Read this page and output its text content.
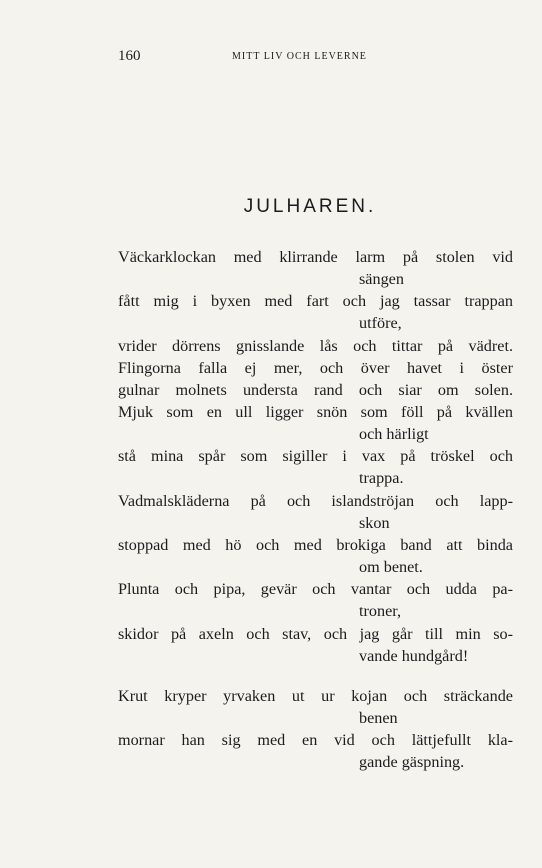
160	MITT LIV OCH LEVERNE
JULHAREN.
Väckarklockan med klirrande larm på stolen vid
sängen
fått mig i byxen med fart och jag tassar trappan
utföre,
vrider dörrens gnisslande lås och tittar på vädret.
Flingorna falla ej mer, och över havet i öster
gulnar molnets understa rand och siar om solen.
Mjuk som en ull ligger snön som föll på kvällen
och härligt
stå mina spår som sigiller i vax på tröskel och
trappa.
Vadmalskläderna på och islandströjan och lapp-
skon
stoppad med hö och med brokiga band att binda
om benet.
Plunta och pipa, gevär och vantar och udda pa-
troner,
skidor på axeln och stav, och jag går till min so-
vande hundgård!
Krut kryper yrvaken ut ur kojan och sträckande
benen
mornar han sig med en vid och lättjefullt kla-
gande gäspning.
